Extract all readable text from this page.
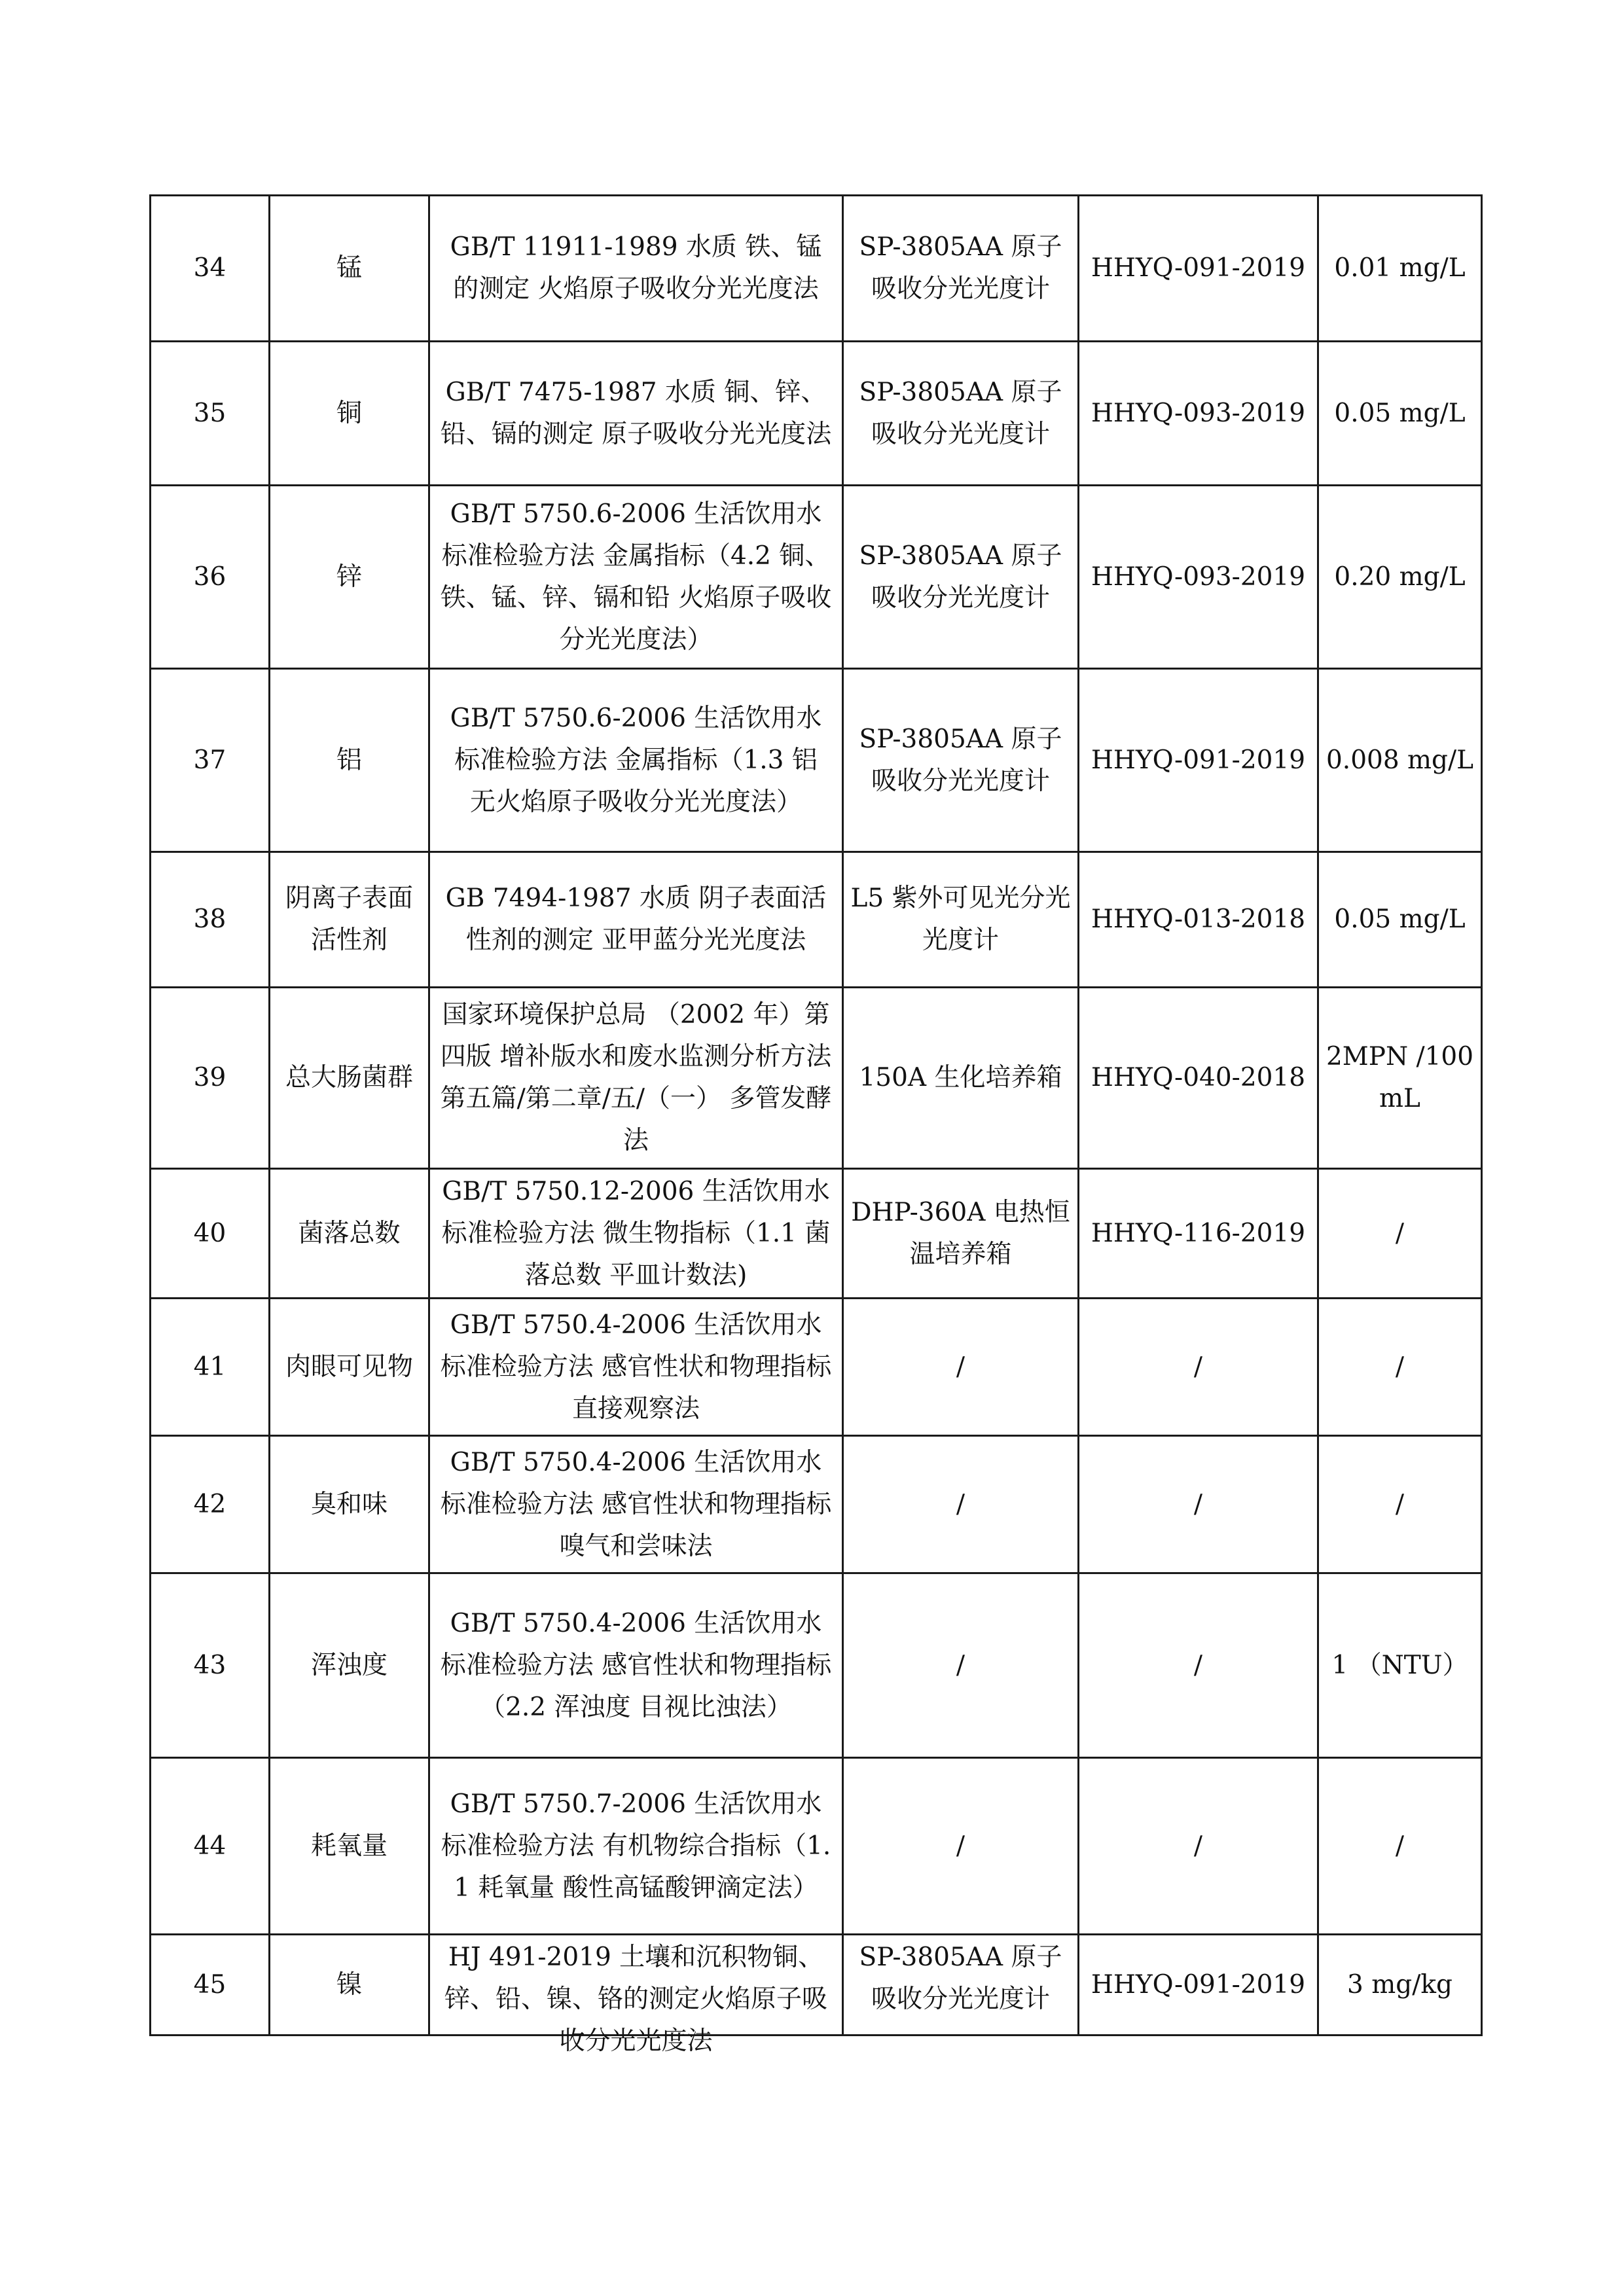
34	锰	GB/T 11911-1989 水质 铁、锰的测定 火焰原子吸收分光光度法	SP-3805AA 原子吸收分光光度计	HHYQ-091-2019	0.01 mg/L
35	铜	GB/T 7475-1987 水质 铜、锌、铅、镉的测定 原子吸收分光光度法	SP-3805AA 原子吸收分光光度计	HHYQ-093-2019	0.05 mg/L
36	锌	GB/T 5750.6-2006 生活饮用水标准检验方法 金属指标（4.2 铜、铁、锰、锌、镉和铅 火焰原子吸收分光光度法）	SP-3805AA 原子吸收分光光度计	HHYQ-093-2019	0.20 mg/L
37	铝	GB/T 5750.6-2006 生活饮用水标准检验方法 金属指标（1.3 铝 无火焰原子吸收分光光度法）	SP-3805AA 原子吸收分光光度计	HHYQ-091-2019	0.008 mg/L
38	阴离子表面活性剂	GB 7494-1987 水质 阴子表面活性剂的测定 亚甲蓝分光光度法	L5 紫外可见光分光光度计	HHYQ-013-2018	0.05 mg/L
39	总大肠菌群	国家环境保护总局 （2002 年）第四版 增补版水和废水监测分析方法 第五篇/第二章/五/（一） 多管发酵法	150A 生化培养箱	HHYQ-040-2018	2MPN /100mL
40	菌落总数	GB/T 5750.12-2006 生活饮用水标准检验方法 微生物指标（1.1 菌落总数 平皿计数法)	DHP-360A 电热恒温培养箱	HHYQ-116-2019	/
41	肉眼可见物	GB/T 5750.4-2006 生活饮用水标准检验方法 感官性状和物理指标 直接观察法	/	/	/
42	臭和味	GB/T 5750.4-2006 生活饮用水标准检验方法 感官性状和物理指标 嗅气和尝味法	/	/	/
43	浑浊度	GB/T 5750.4-2006 生活饮用水标准检验方法 感官性状和物理指标（2.2 浑浊度 目视比浊法）	/	/	1 （NTU）
44	耗氧量	GB/T 5750.7-2006 生活饮用水标准检验方法 有机物综合指标（1.1 耗氧量 酸性高锰酸钾滴定法）	/	/	/
45	镍	HJ 491-2019 土壤和沉积物铜、锌、铅、镍、铬的测定火焰原子吸收分光光度法	SP-3805AA 原子吸收分光光度计	HHYQ-091-2019	3 mg/kg
